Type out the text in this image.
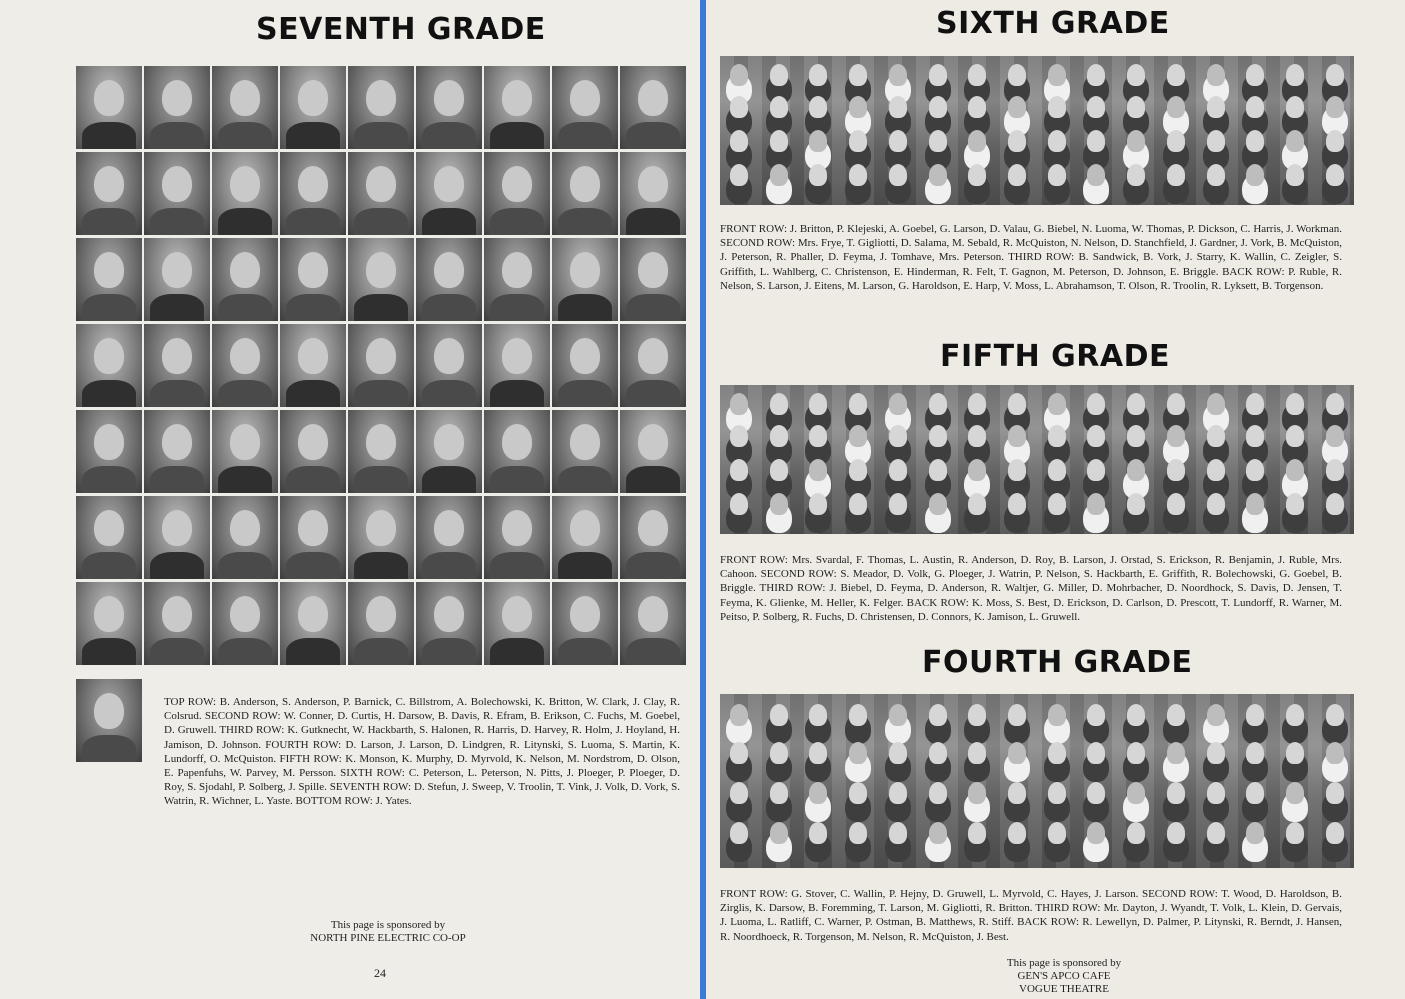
SEVENTH GRADE

TOP ROW: B. Anderson, S. Anderson, P. Barnick, C. Billstrom, A. Bolechowski, K. Britton, W. Clark, J. Clay, R. Colsrud. SECOND ROW: W. Conner, D. Curtis, H. Darsow, B. Davis, R. Efram, B. Erikson, C. Fuchs, M. Goebel, D. Gruwell. THIRD ROW: K. Gutknecht, W. Hackbarth, S. Halonen, R. Harris, D. Harvey, R. Holm, J. Hoyland, H. Jamison, D. Johnson. FOURTH ROW: D. Larson, J. Larson, D. Lindgren, R. Litynski, S. Luoma, S. Martin, K. Lundorff, O. McQuiston. FIFTH ROW: K. Monson, K. Murphy, D. Myrvold, K. Nelson, M. Nordstrom, D. Olson, E. Papenfuhs, W. Parvey, M. Persson. SIXTH ROW: C. Peterson, L. Peterson, N. Pitts, J. Ploeger, P. Ploeger, D. Roy, S. Sjodahl, P. Solberg, J. Spille. SEVENTH ROW: D. Stefun, J. Sweep, V. Troolin, T. Vink, J. Volk, D. Vork, S. Watrin, R. Wichner, L. Yaste. BOTTOM ROW: J. Yates.

This page is sponsored by
NORTH PINE ELECTRIC CO-OP
24
SIXTH GRADE

FRONT ROW: J. Britton, P. Klejeski, A. Goebel, G. Larson, D. Valau, G. Biebel, N. Luoma, W. Thomas, P. Dickson, C. Harris, J. Workman. SECOND ROW: Mrs. Frye, T. Gigliotti, D. Salama, M. Sebald, R. McQuiston, N. Nelson, D. Stanchfield, J. Gardner, J. Vork, B. McQuiston, J. Peterson, R. Phaller, D. Feyma, J. Tomhave, Mrs. Peterson. THIRD ROW: B. Sandwick, B. Vork, J. Starry, K. Wallin, C. Zeigler, S. Griffith, L. Wahlberg, C. Christenson, E. Hinderman, R. Felt, T. Gagnon, M. Peterson, D. Johnson, E. Briggle. BACK ROW: P. Ruble, R. Nelson, S. Larson, J. Eitens, M. Larson, G. Haroldson, E. Harp, V. Moss, L. Abrahamson, T. Olson, R. Troolin, R. Lyksett, B. Torgenson.

FIFTH GRADE

FRONT ROW: Mrs. Svardal, F. Thomas, L. Austin, R. Anderson, D. Roy, B. Larson, J. Orstad, S. Erickson, R. Benjamin, J. Ruble, Mrs. Cahoon. SECOND ROW: S. Meador, D. Volk, G. Ploeger, J. Watrin, P. Nelson, S. Hackbarth, E. Griffith, R. Bolechowski, G. Goebel, B. Briggle. THIRD ROW: J. Biebel, D. Feyma, D. Anderson, R. Waltjer, G. Miller, D. Mohrbacher, D. Noordhock, S. Davis, D. Jensen, T. Feyma, K. Glienke, M. Heller, K. Felger. BACK ROW: K. Moss, S. Best, D. Erickson, D. Carlson, D. Prescott, T. Lundorff, R. Warner, M. Peitso, P. Solberg, R. Fuchs, D. Christensen, D. Connors, K. Jamison, L. Gruwell.

FOURTH GRADE

FRONT ROW: G. Stover, C. Wallin, P. Hejny, D. Gruwell, L. Myrvold, C. Hayes, J. Larson. SECOND ROW: T. Wood, D. Haroldson, B. Zirglis, K. Darsow, B. Foremming, T. Larson, M. Gigliotti, R. Britton. THIRD ROW: Mr. Dayton, J. Wyandt, T. Volk, L. Klein, D. Gervais, J. Luoma, L. Ratliff, C. Warner, P. Ostman, B. Matthews, R. Stiff. BACK ROW: R. Lewellyn, D. Palmer, P. Litynski, R. Berndt, J. Hansen, R. Noordhoeck, R. Torgenson, M. Nelson, R. McQuiston, J. Best.

This page is sponsored by
GEN'S APCO CAFE
VOGUE THEATRE
